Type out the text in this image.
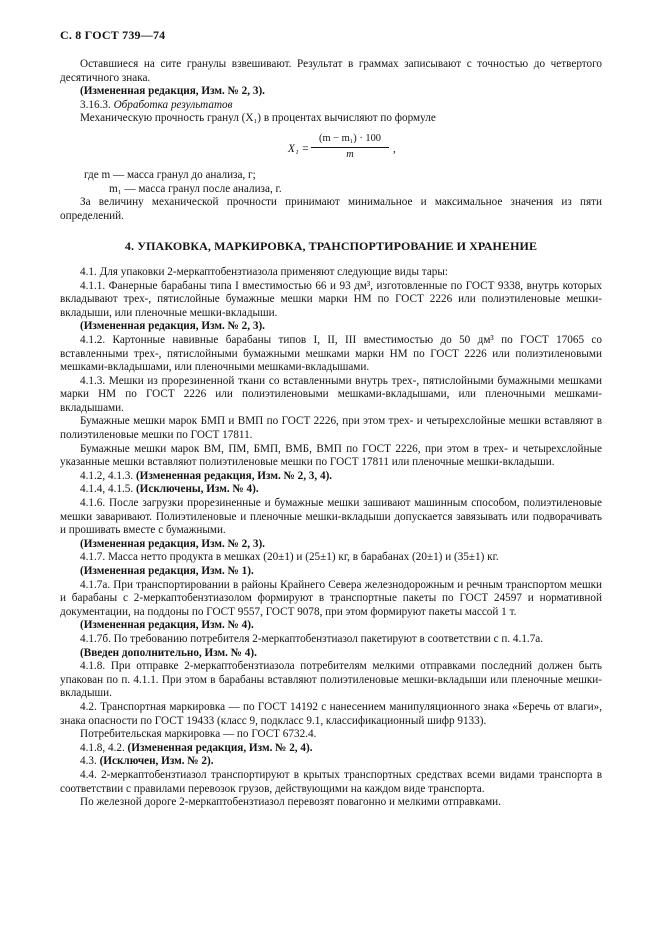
С. 8 ГОСТ 739—74

Оставшиеся на сите гранулы взвешивают. Результат в граммах записывают с точностью до четвертого десятичного знака.

(Измененная редакция, Изм. № 2, 3).

3.16.3. Обработка результатов

Механическую прочность гранул (X₁) в процентах вычисляют по формуле

$X_1 = \frac{\text{(m − m₁) · 100}}{m}$ ,

где m — масса гранул до анализа, г;

m₁ — масса гранул после анализа, г.

За величину механической прочности принимают минимальное и максимальное значения из пяти определений.

4. УПАКОВКА, МАРКИРОВКА, ТРАНСПОРТИРОВАНИЕ И ХРАНЕНИЕ

4.1. Для упаковки 2-меркаптобензтиазола применяют следующие виды тары:

4.1.1. Фанерные барабаны типа I вместимостью 66 и 93 дм³, изготовленные по ГОСТ 9338, внутрь которых вкладывают трех-, пятислойные бумажные мешки марки НМ по ГОСТ 2226 или полиэтиленовые мешки-вкладыши, или пленочные мешки-вкладыши.

(Измененная редакция, Изм. № 2, 3).

4.1.2. Картонные навивные барабаны типов I, II, III вместимостью до 50 дм³ по ГОСТ 17065 со вставленными трех-, пятислойными бумажными мешками марки НМ по ГОСТ 2226 или полиэтиленовыми мешками-вкладышами, или пленочными мешками-вкладышами.

4.1.3. Мешки из прорезиненной ткани со вставленными внутрь трех-, пятислойными бумажными мешками марки НМ по ГОСТ 2226 или полиэтиленовыми мешками-вкладышами, или пленочными мешками-вкладышами.

Бумажные мешки марок БМП и ВМП по ГОСТ 2226, при этом трех- и четырехслойные мешки вставляют в полиэтиленовые мешки по ГОСТ 17811.

Бумажные мешки марок ВМ, ПМ, БМП, ВМБ, ВМП по ГОСТ 2226, при этом в трех- и четырехслойные указанные мешки вставляют полиэтиленовые мешки по ГОСТ 17811 или пленочные мешки-вкладыши.

4.1.2, 4.1.3. (Измененная редакция, Изм. № 2, 3, 4).

4.1.4, 4.1.5. (Исключены, Изм. № 4).

4.1.6. После загрузки прорезиненные и бумажные мешки зашивают машинным способом, полиэтиленовые мешки заваривают. Полиэтиленовые и пленочные мешки-вкладыши допускается завязывать или подворачивать и прошивать вместе с бумажными.

(Измененная редакция, Изм. № 2, 3).

4.1.7. Масса нетто продукта в мешках (20±1) и (25±1) кг, в барабанах (20±1) и (35±1) кг.

(Измененная редакция, Изм. № 1).

4.1.7а. При транспортировании в районы Крайнего Севера железнодорожным и речным транспортом мешки и барабаны с 2-меркаптобензтиазолом формируют в транспортные пакеты по ГОСТ 24597 и нормативной документации, на поддоны по ГОСТ 9557, ГОСТ 9078, при этом формируют пакеты массой 1 т.

(Измененная редакция, Изм. № 4).

4.1.7б. По требованию потребителя 2-меркаптобензтиазол пакетируют в соответствии с п. 4.1.7а.

(Введен дополнительно, Изм. № 4).

4.1.8. При отправке 2-меркаптобензтиазола потребителям мелкими отправками последний должен быть упакован по п. 4.1.1. При этом в барабаны вставляют полиэтиленовые мешки-вкладыши или пленочные мешки-вкладыши.

4.2. Транспортная маркировка — по ГОСТ 14192 с нанесением манипуляционного знака «Беречь от влаги», знака опасности по ГОСТ 19433 (класс 9, подкласс 9.1, классификационный шифр 9133).

Потребительская маркировка — по ГОСТ 6732.4.

4.1.8, 4.2. (Измененная редакция, Изм. № 2, 4).

4.3. (Исключен, Изм. № 2).

4.4. 2-меркаптобензтиазол транспортируют в крытых транспортных средствах всеми видами транспорта в соответствии с правилами перевозок грузов, действующими на каждом виде транспорта.

По железной дороге 2-меркаптобензтиазол перевозят повагонно и мелкими отправками.
